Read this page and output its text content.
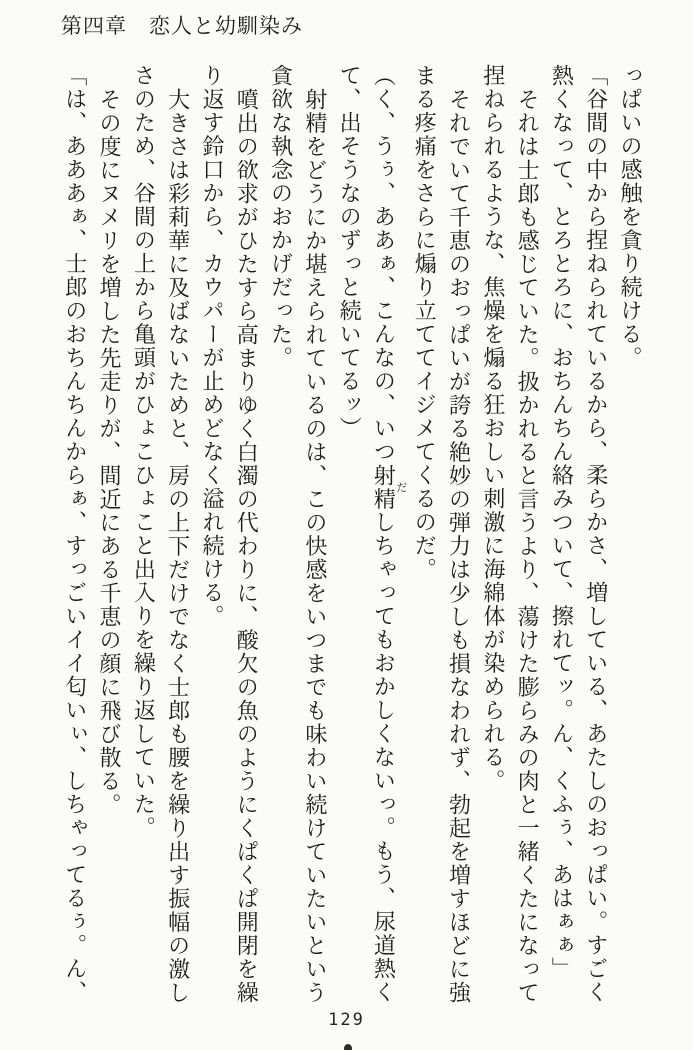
第四章　恋人と幼馴染み
っぱいの感触を貪り続ける。
「谷間の中から捏ねられているから、柔らかさ、増している、あたしのおっぱい。すごく
熱くなって、とろとろに、おちんちん絡みついて、擦れてッ。ん、くふぅ、あはぁぁ」
それは士郎も感じていた。扱かれると言うより、蕩けた膨らみの肉と一緒くたになって
捏ねられるような、焦燥を煽る狂おしい刺激に海綿体が染められる。
それでいて千恵のおっぱいが誇る絶妙の弾力は少しも損なわれず、勃起を増すほどに強
まる疼痛をさらに煽り立ててイジメてくるのだ。
（く、うぅ、ああぁ、こんなの、いつ射精だしちゃってもおかしくないっ。もう、尿道熱く
て、出そうなのずっと続いてるッ）
射精をどうにか堪えられているのは、この快感をいつまでも味わい続けていたいという
貪欲な執念のおかげだった。
噴出の欲求がひたすら高まりゆく白濁の代わりに、酸欠の魚のようにくぱくぱ開閉を繰
り返す鈴口から、カウパーが止めどなく溢れ続ける。
大きさは彩莉華に及ばないためと、房の上下だけでなく士郎も腰を繰り出す振幅の激し
さのため、谷間の上から亀頭がひょこひょこと出入りを繰り返していた。
その度にヌメリを増した先走りが、間近にある千恵の顔に飛び散る。
「は、あああぁ、士郎のおちんちんからぁ、すっごいイイ匂いぃ、しちゃってるぅ。ん、
129
